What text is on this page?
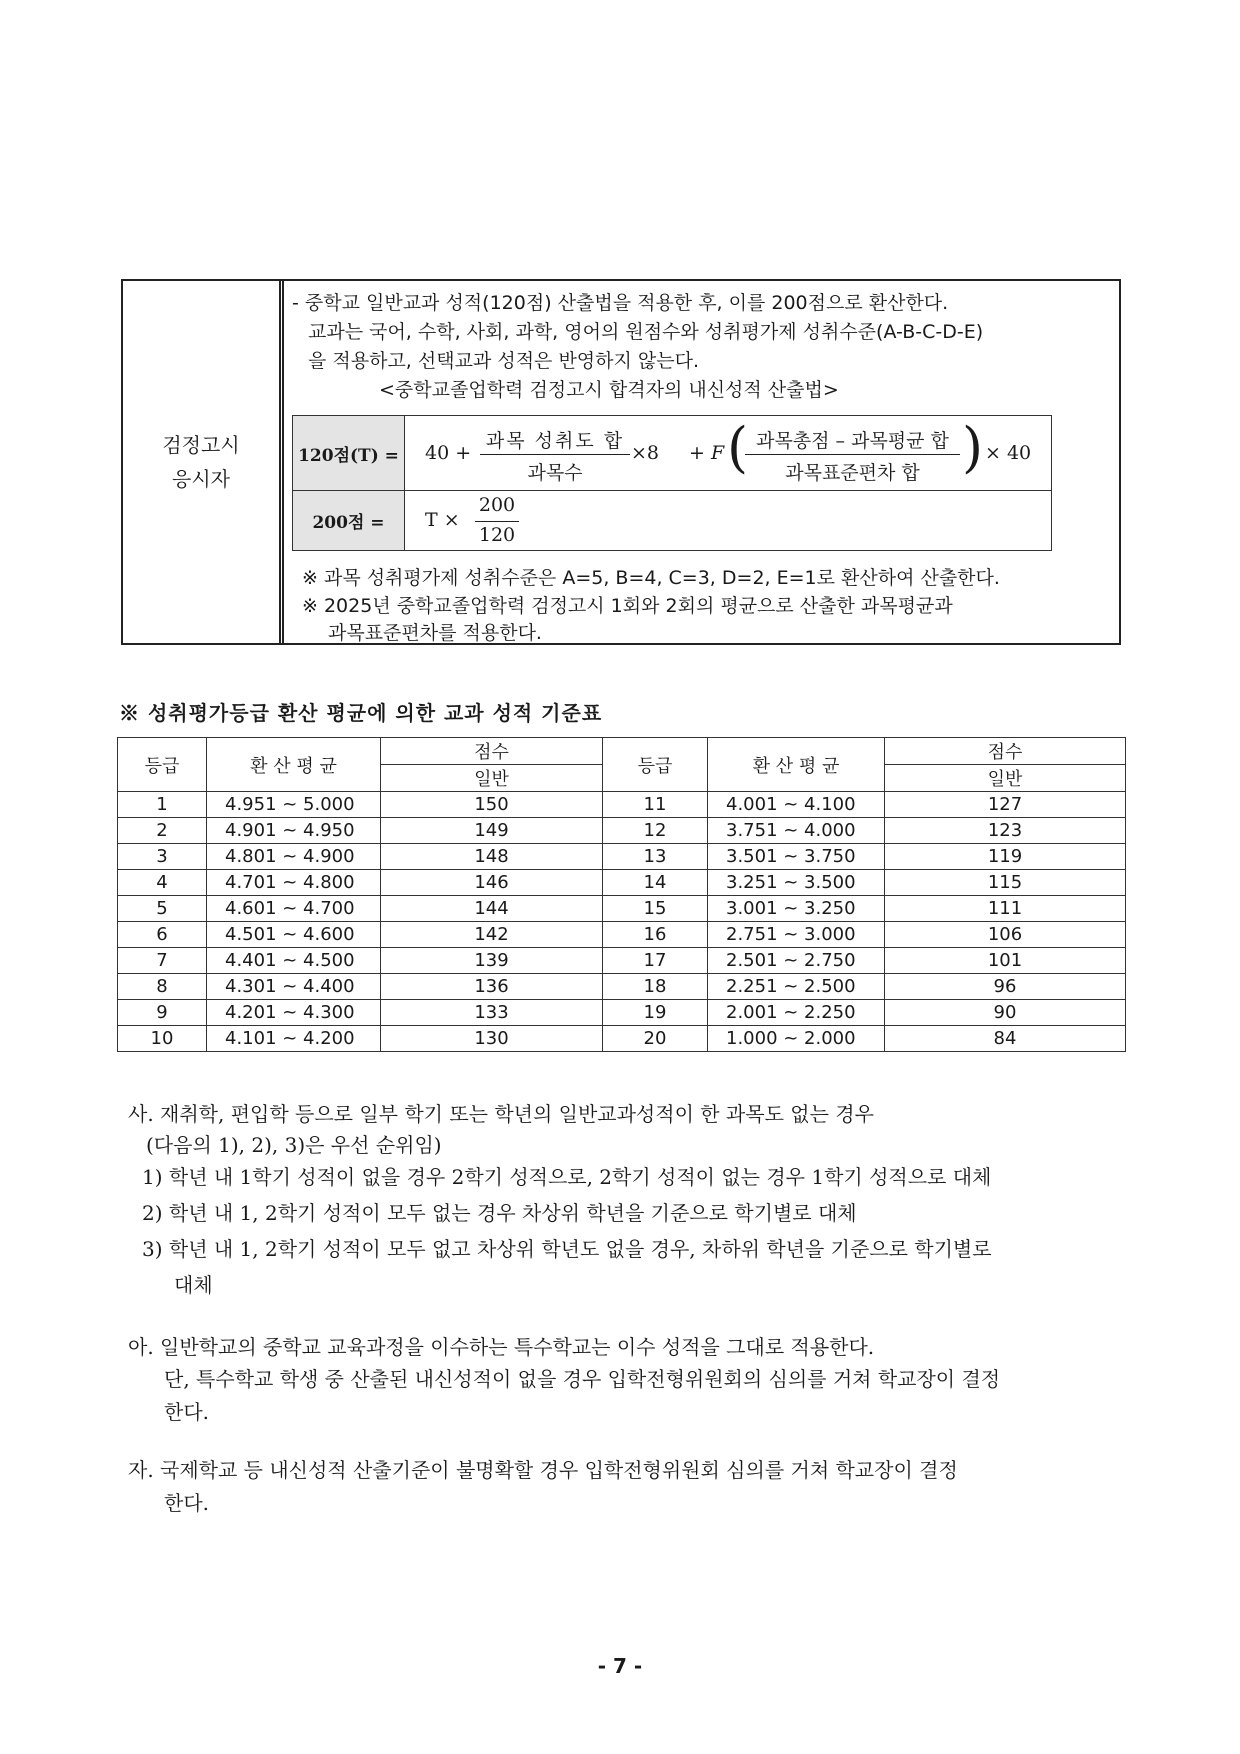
검정고시
응시자
- 중학교 일반교과 성적(120점) 산출법을 적용한 후, 이를 200점으로 환산한다.
교과는 국어, 수학, 사회, 과학, 영어의 원점수와 성취평가제 성취수준(A-B-C-D-E)
을 적용하고, 선택교과 성적은 반영하지 않는다.
<중학교졸업학력 검정고시 합격자의 내신성적 산출법>
120점(T) =	40 +
과목 성취도 합
과목수
×8 + F ( 과목총점 – 과목평균 합
과목표준편차 합 ) × 40
200점 =	T ×
200
120
※ 과목 성취평가제 성취수준은 A=5, B=4, C=3, D=2, E=1로 환산하여 산출한다.
※ 2025년 중학교졸업학력 검정고시 1회와 2회의 평균으로 산출한 과목평균과
과목표준편차를 적용한다.
※ 성취평가등급 환산 평균에 의한 교과 성적 기준표
등급	환 산 평 균	점수	등급	환 산 평 균	점수
		일반			일반
1	4.951 ~ 5.000	150	11	4.001 ~ 4.100	127
2	4.901 ~ 4.950	149	12	3.751 ~ 4.000	123
3	4.801 ~ 4.900	148	13	3.501 ~ 3.750	119
4	4.701 ~ 4.800	146	14	3.251 ~ 3.500	115
5	4.601 ~ 4.700	144	15	3.001 ~ 3.250	111
6	4.501 ~ 4.600	142	16	2.751 ~ 3.000	106
7	4.401 ~ 4.500	139	17	2.501 ~ 2.750	101
8	4.301 ~ 4.400	136	18	2.251 ~ 2.500	96
9	4.201 ~ 4.300	133	19	2.001 ~ 2.250	90
10	4.101 ~ 4.200	130	20	1.000 ~ 2.000	84
사. 재취학, 편입학 등으로 일부 학기 또는 학년의 일반교과성적이 한 과목도 없는 경우
(다음의 1), 2), 3)은 우선 순위임)
1) 학년 내 1학기 성적이 없을 경우 2학기 성적으로, 2학기 성적이 없는 경우 1학기 성적으로 대체
2) 학년 내 1, 2학기 성적이 모두 없는 경우 차상위 학년을 기준으로 학기별로 대체
3) 학년 내 1, 2학기 성적이 모두 없고 차상위 학년도 없을 경우, 차하위 학년을 기준으로 학기별로
대체
아. 일반학교의 중학교 교육과정을 이수하는 특수학교는 이수 성적을 그대로 적용한다.
단, 특수학교 학생 중 산출된 내신성적이 없을 경우 입학전형위원회의 심의를 거쳐 학교장이 결정
한다.
자. 국제학교 등 내신성적 산출기준이 불명확할 경우 입학전형위원회 심의를 거쳐 학교장이 결정
한다.
- 7 -
